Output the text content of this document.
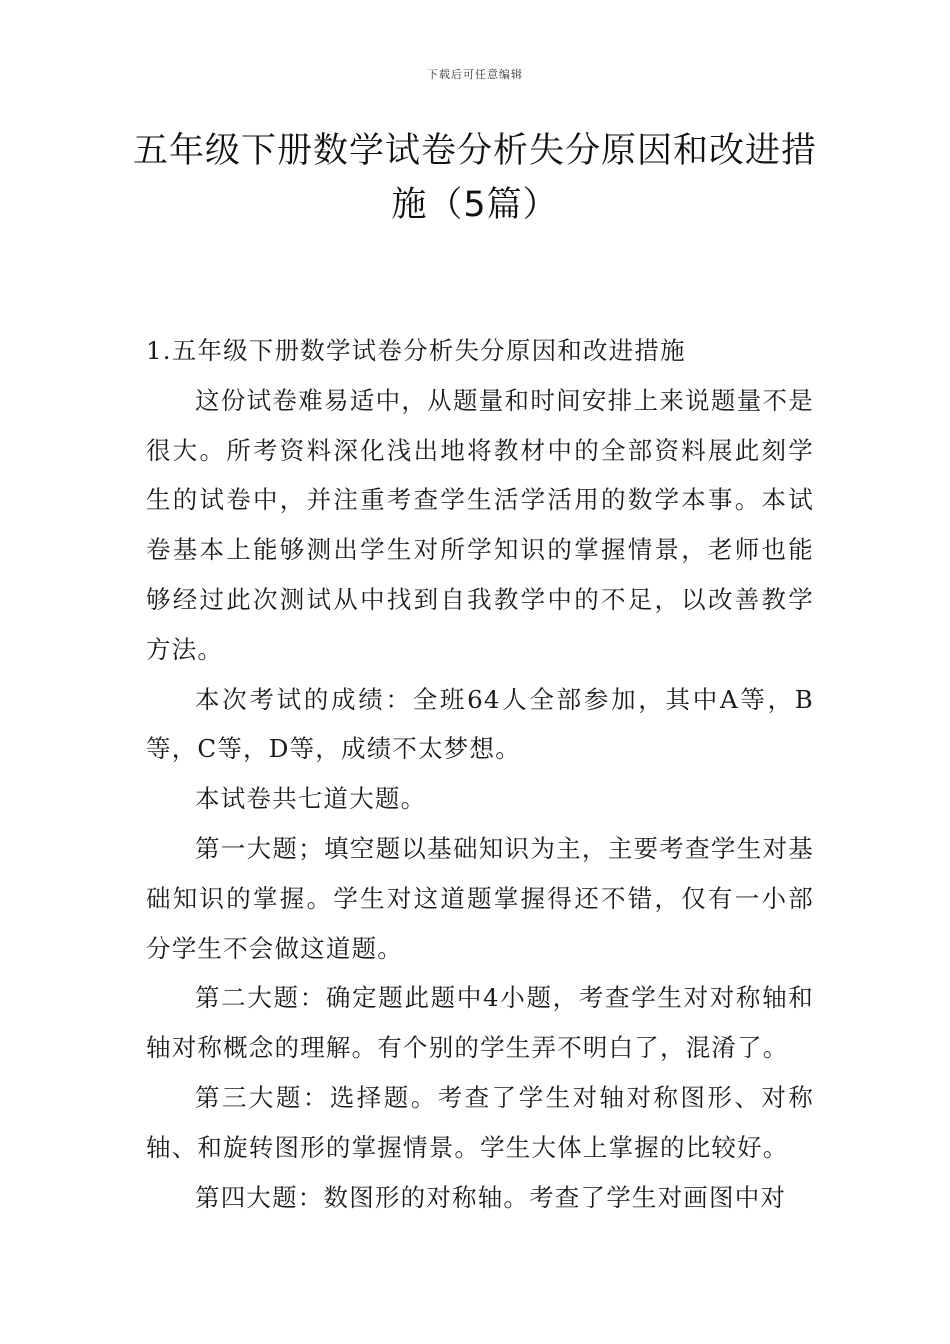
下载后可任意编辑
五年级下册数学试卷分析失分原因和改进措施（5篇）

1.五年级下册数学试卷分析失分原因和改进措施

这份试卷难易适中，从题量和时间安排上来说题量不是很大。所考资料深化浅出地将教材中的全部资料展此刻学生的试卷中，并注重考查学生活学活用的数学本事。本试卷基本上能够测出学生对所学知识的掌握情景，老师也能够经过此次测试从中找到自我教学中的不足，以改善教学方法。

本次考试的成绩：全班64人全部参加，其中A等，B等，C等，D等，成绩不太梦想。

本试卷共七道大题。

第一大题；填空题以基础知识为主，主要考查学生对基础知识的掌握。学生对这道题掌握得还不错，仅有一小部分学生不会做这道题。

第二大题：确定题此题中4小题，考查学生对对称轴和轴对称概念的理解。有个别的学生弄不明白了，混淆了。

第三大题：选择题。考查了学生对轴对称图形、对称轴、和旋转图形的掌握情景。学生大体上掌握的比较好。

第四大题：数图形的对称轴。考查了学生对画图中对
